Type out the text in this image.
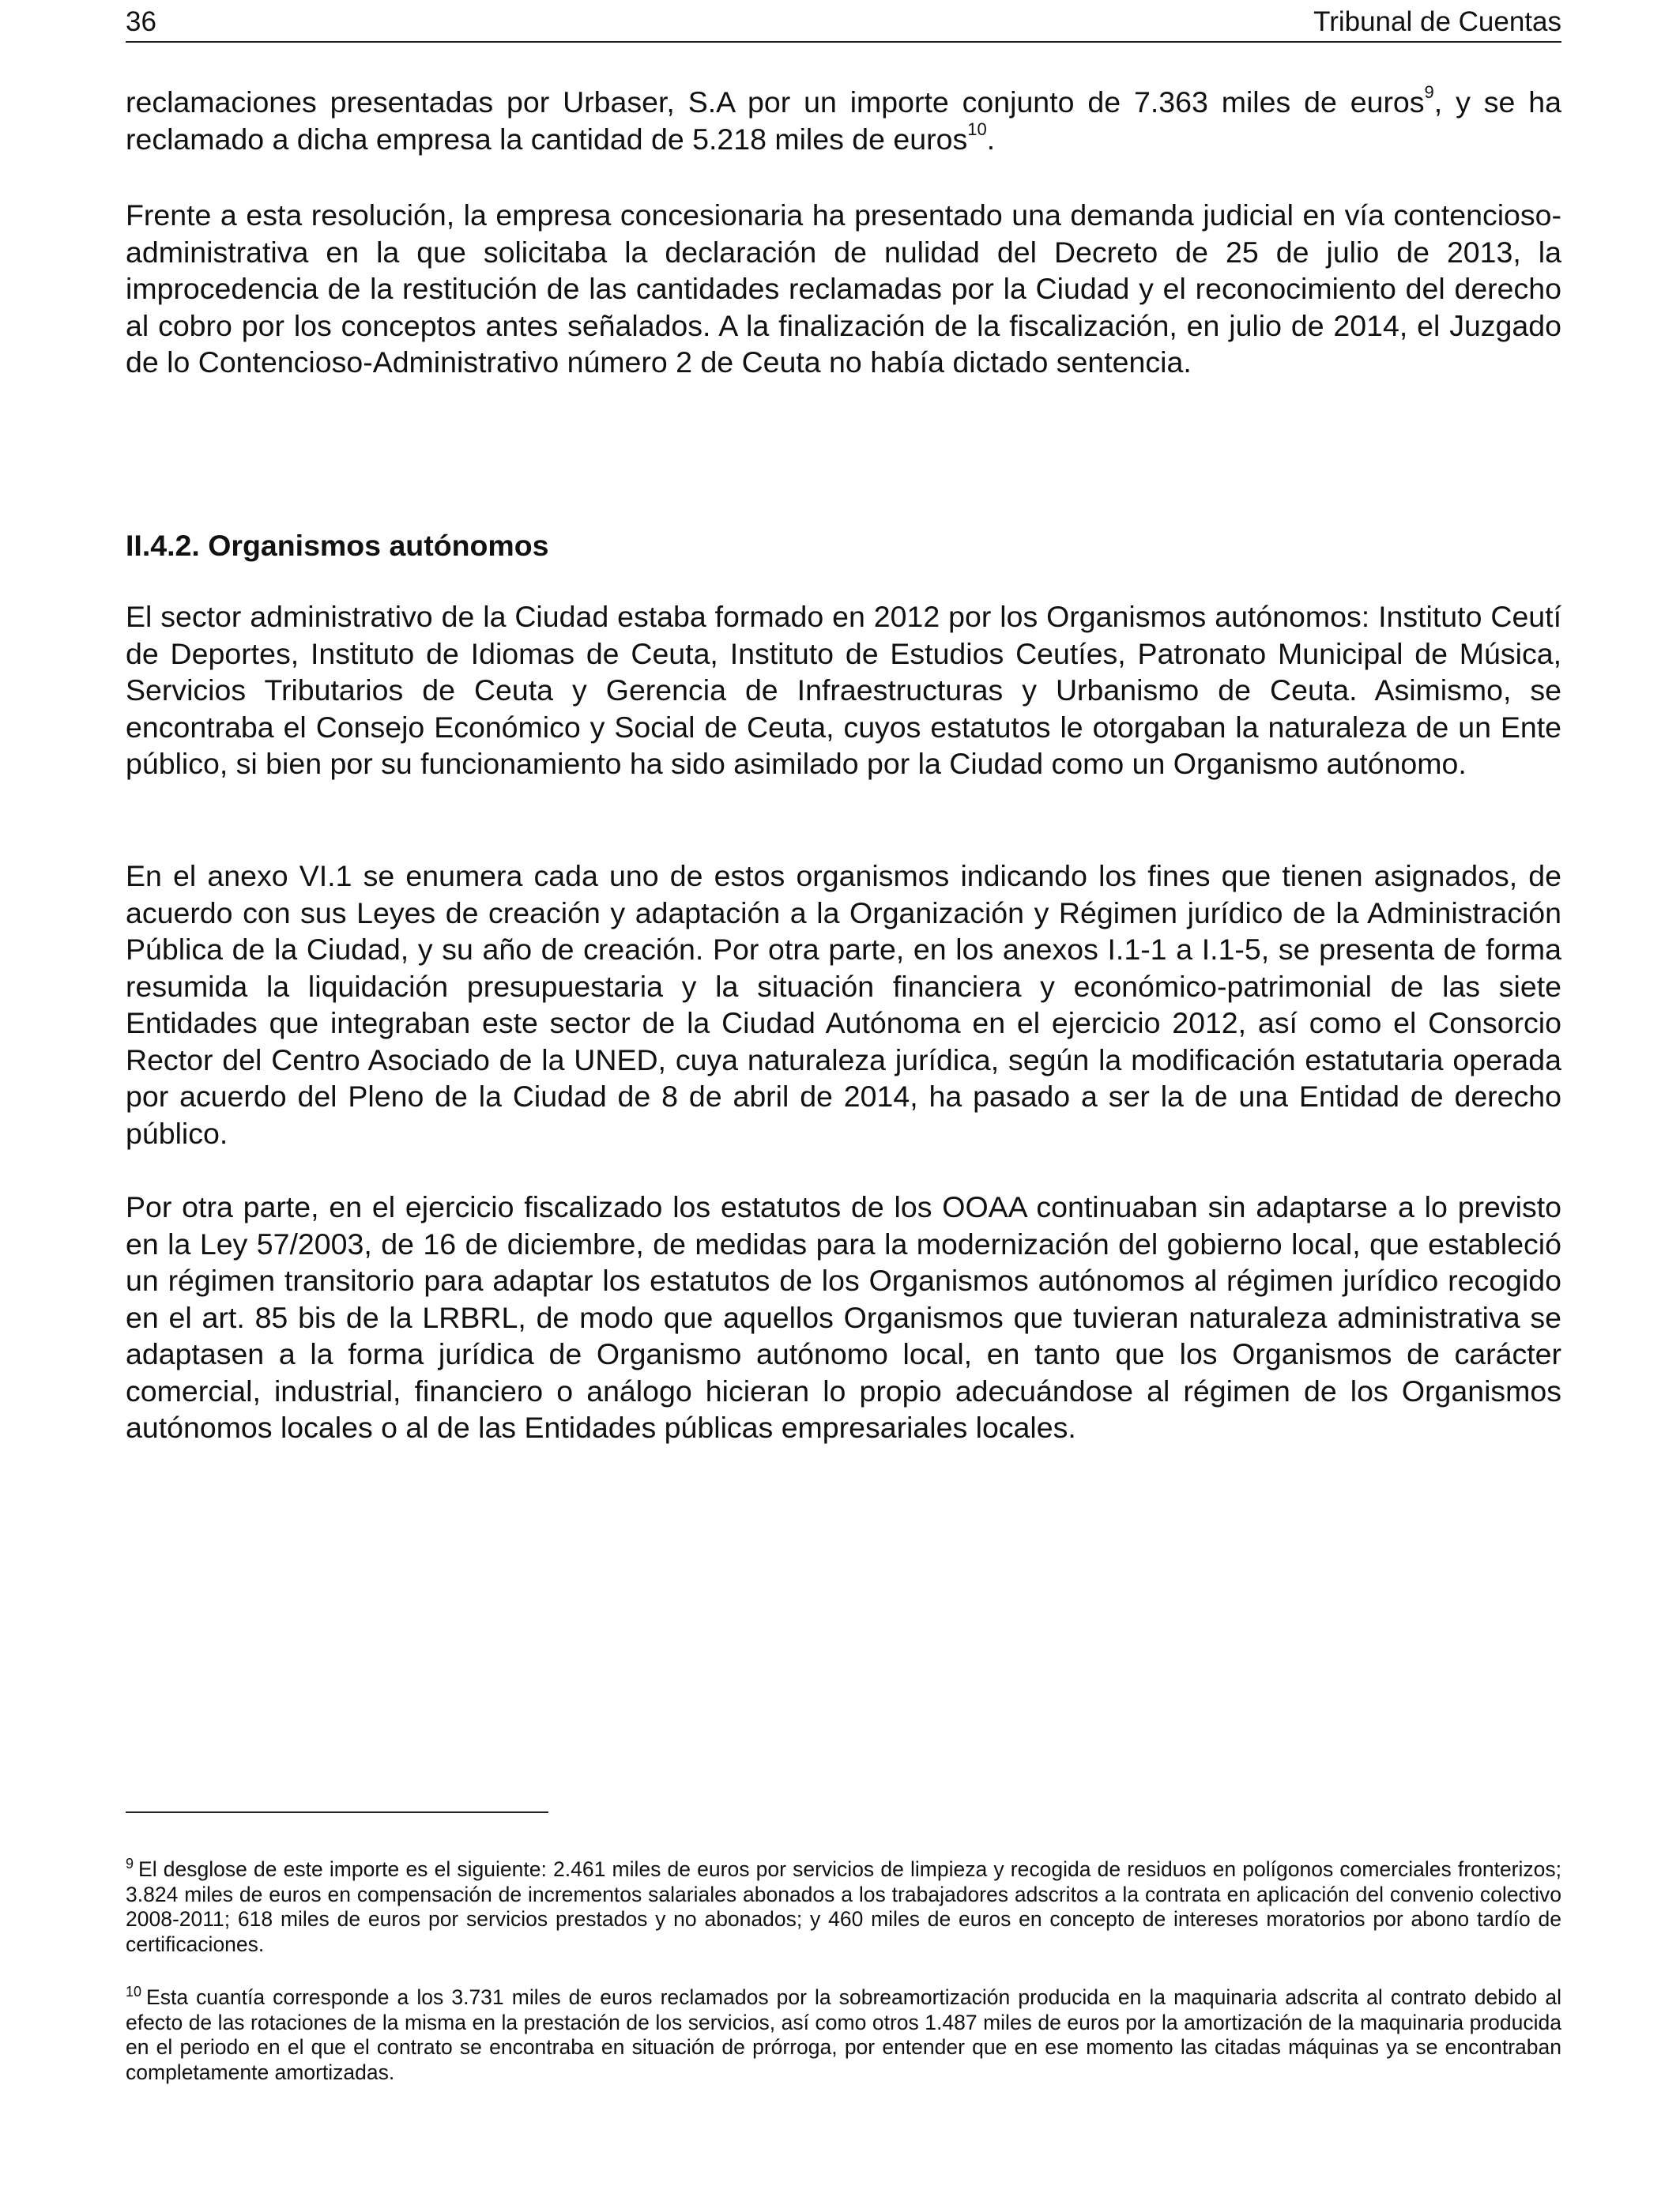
36	Tribunal de Cuentas

reclamaciones presentadas por Urbaser, S.A por un importe conjunto de 7.363 miles de euros$^9$, y se ha reclamado a dicha empresa la cantidad de 5.218 miles de euros$^{10}$.

Frente a esta resolución, la empresa concesionaria ha presentado una demanda judicial en vía contencioso-administrativa en la que solicitaba la declaración de nulidad del Decreto de 25 de julio de 2013, la improcedencia de la restitución de las cantidades reclamadas por la Ciudad y el reconocimiento del derecho al cobro por los conceptos antes señalados. A la finalización de la fiscalización, en julio de 2014, el Juzgado de lo Contencioso-Administrativo número 2 de Ceuta no había dictado sentencia.

II.4.2. Organismos autónomos

El sector administrativo de la Ciudad estaba formado en 2012 por los Organismos autónomos: Instituto Ceutí de Deportes, Instituto de Idiomas de Ceuta, Instituto de Estudios Ceutíes, Patronato Municipal de Música, Servicios Tributarios de Ceuta y Gerencia de Infraestructuras y Urbanismo de Ceuta. Asimismo, se encontraba el Consejo Económico y Social de Ceuta, cuyos estatutos le otorgaban la naturaleza de un Ente público, si bien por su funcionamiento ha sido asimilado por la Ciudad como un Organismo autónomo.

En el anexo VI.1 se enumera cada uno de estos organismos indicando los fines que tienen asignados, de acuerdo con sus Leyes de creación y adaptación a la Organización y Régimen jurídico de la Administración Pública de la Ciudad, y su año de creación. Por otra parte, en los anexos I.1-1 a I.1-5, se presenta de forma resumida la liquidación presupuestaria y la situación financiera y económico-patrimonial de las siete Entidades que integraban este sector de la Ciudad Autónoma en el ejercicio 2012, así como el Consorcio Rector del Centro Asociado de la UNED, cuya naturaleza jurídica, según la modificación estatutaria operada por acuerdo del Pleno de la Ciudad de 8 de abril de 2014, ha pasado a ser la de una Entidad de derecho público.

Por otra parte, en el ejercicio fiscalizado los estatutos de los OOAA continuaban sin adaptarse a lo previsto en la Ley 57/2003, de 16 de diciembre, de medidas para la modernización del gobierno local, que estableció un régimen transitorio para adaptar los estatutos de los Organismos autónomos al régimen jurídico recogido en el art. 85 bis de la LRBRL, de modo que aquellos Organismos que tuvieran naturaleza administrativa se adaptasen a la forma jurídica de Organismo autónomo local, en tanto que los Organismos de carácter comercial, industrial, financiero o análogo hicieran lo propio adecuándose al régimen de los Organismos autónomos locales o al de las Entidades públicas empresariales locales.

$^9$ El desglose de este importe es el siguiente: 2.461 miles de euros por servicios de limpieza y recogida de residuos en polígonos comerciales fronterizos; 3.824 miles de euros en compensación de incrementos salariales abonados a los trabajadores adscritos a la contrata en aplicación del convenio colectivo 2008-2011; 618 miles de euros por servicios prestados y no abonados; y 460 miles de euros en concepto de intereses moratorios por abono tardío de certificaciones.

$^{10}$ Esta cuantía corresponde a los 3.731 miles de euros reclamados por la sobreamortización producida en la maquinaria adscrita al contrato debido al efecto de las rotaciones de la misma en la prestación de los servicios, así como otros 1.487 miles de euros por la amortización de la maquinaria producida en el periodo en el que el contrato se encontraba en situación de prórroga, por entender que en ese momento las citadas máquinas ya se encontraban completamente amortizadas.
